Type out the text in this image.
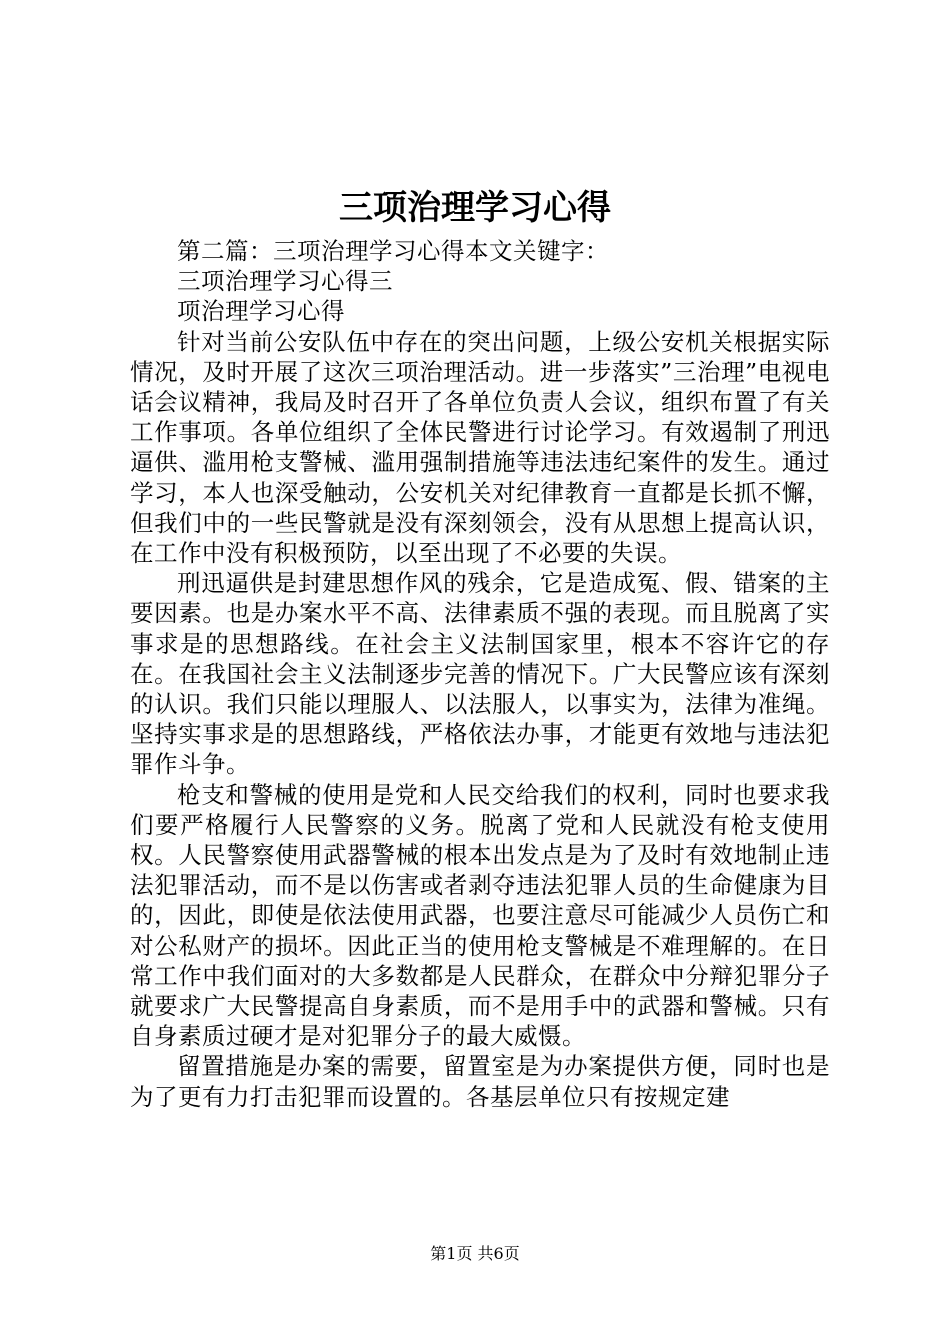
三项治理学习心得

第二篇：三项治理学习心得本文关键字：

三项治理学习心得三

项治理学习心得

针对当前公安队伍中存在的突出问题，上级公安机关根据实际情况，及时开展了这次三项治理活动。进一步落实”三治理”电视电话会议精神，我局及时召开了各单位负责人会议，组织布置了有关工作事项。各单位组织了全体民警进行讨论学习。有效遏制了刑迅逼供、滥用枪支警械、滥用强制措施等违法违纪案件的发生。通过学习，本人也深受触动，公安机关对纪律教育一直都是长抓不懈，但我们中的一些民警就是没有深刻领会，没有从思想上提高认识，在工作中没有积极预防，以至出现了不必要的失误。

刑迅逼供是封建思想作风的残余，它是造成冤、假、错案的主要因素。也是办案水平不高、法律素质不强的表现。而且脱离了实事求是的思想路线。在社会主义法制国家里，根本不容许它的存在。在我国社会主义法制逐步完善的情况下。广大民警应该有深刻的认识。我们只能以理服人、以法服人，以事实为，法律为准绳。坚持实事求是的思想路线，严格依法办事，才能更有效地与违法犯罪作斗争。

枪支和警械的使用是党和人民交给我们的权利，同时也要求我们要严格履行人民警察的义务。脱离了党和人民就没有枪支使用权。人民警察使用武器警械的根本出发点是为了及时有效地制止违法犯罪活动，而不是以伤害或者剥夺违法犯罪人员的生命健康为目的，因此，即使是依法使用武器，也要注意尽可能减少人员伤亡和对公私财产的损坏。因此正当的使用枪支警械是不难理解的。在日常工作中我们面对的大多数都是人民群众，在群众中分辩犯罪分子就要求广大民警提高自身素质，而不是用手中的武器和警械。只有自身素质过硬才是对犯罪分子的最大威慑。

留置措施是办案的需要，留置室是为办案提供方便，同时也是为了更有力打击犯罪而设置的。各基层单位只有按规定建

第1页 共6页
